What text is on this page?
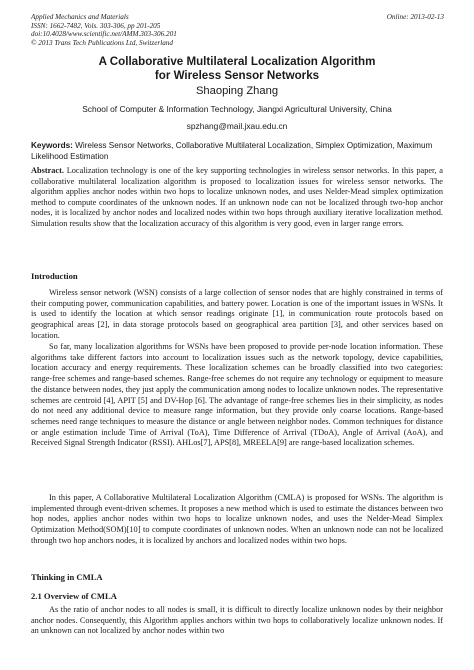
Applied Mechanics and Materials
ISSN: 1662-7482, Vols. 303-306, pp 201-205
doi:10.4028/www.scientific.net/AMM.303-306.201
© 2013 Trans Tech Publications Ltd, Switzerland
Online: 2013-02-13
A Collaborative Multilateral Localization Algorithm
for Wireless Sensor Networks
Shaoping Zhang
School of Computer & Information Technology, Jiangxi Agricultural University, China
spzhang@mail.jxau.edu.cn
Keywords: Wireless Sensor Networks, Collaborative Multilateral Localization, Simplex Optimization, Maximum Likelihood Estimation
Abstract. Localization technology is one of the key supporting technologies in wireless sensor networks. In this paper, a collaborative multilateral localization algorithm is proposed to localization issues for wireless sensor networks. The algorithm applies anchor nodes within two hops to localize unknown nodes, and uses Nelder-Mead simplex optimization method to compute coordinates of the unknown nodes. If an unknown node can not be localized through two-hop anchor nodes, it is localized by anchor nodes and localized nodes within two hops through auxiliary iterative localization method. Simulation results show that the localization accuracy of this algorithm is very good, even in larger range errors.
Introduction
Wireless sensor network (WSN) consists of a large collection of sensor nodes that are highly constrained in terms of their computing power, communication capabilities, and battery power. Location is one of the important issues in WSNs. It is used to identify the location at which sensor readings originate [1], in communication route protocols based on geographical areas [2], in data storage protocols based on geographical area partition [3], and other services based on location.
So far, many localization algorithms for WSNs have been proposed to provide per-node location information. These algorithms take different factors into account to localization issues such as the network topology, device capabilities, location accuracy and energy requirements. These localization schemes can be broadly classified into two categories: range-free schemes and range-based schemes. Range-free schemes do not require any technology or equipment to measure the distance between nodes, they just apply the communication among nodes to localize unknown nodes. The representative schemes are centroid [4], APIT [5] and DV-Hop [6]. The advantage of range-free schemes lies in their simplicity, as nodes do not need any additional device to measure range information, but they provide only coarse locations. Range-based schemes need range techniques to measure the distance or angle between neighbor nodes. Common techniques for distance or angle estimation include Time of Arrival (ToA), Time Difference of Arrival (TDoA), Angle of Arrival (AoA), and Received Signal Strength Indicator (RSSI). AHLos[7], APS[8], MREELA[9] are range-based localization schemes.
In this paper, A Collaborative Multilateral Localization Algorithm (CMLA) is proposed for WSNs. The algorithm is implemented through event-driven schemes. It proposes a new method which is used to estimate the distances between two hop nodes, applies anchor nodes within two hops to localize unknown nodes, and uses the Nelder-Mead Simplex Optimization Method(SOM)[10] to compute coordinates of unknown nodes. When an unknown node can not be localized through two hop anchors nodes, it is localized by anchors and localized nodes within two hops.
Thinking in CMLA
2.1 Overview of CMLA
As the ratio of anchor nodes to all nodes is small, it is difficult to directly localize unknown nodes by their neighbor anchor nodes. Consequently, this Algorithm applies anchors within two hops to collaboratively localize unknown nodes. If an unknown can not localized by anchor nodes within two
